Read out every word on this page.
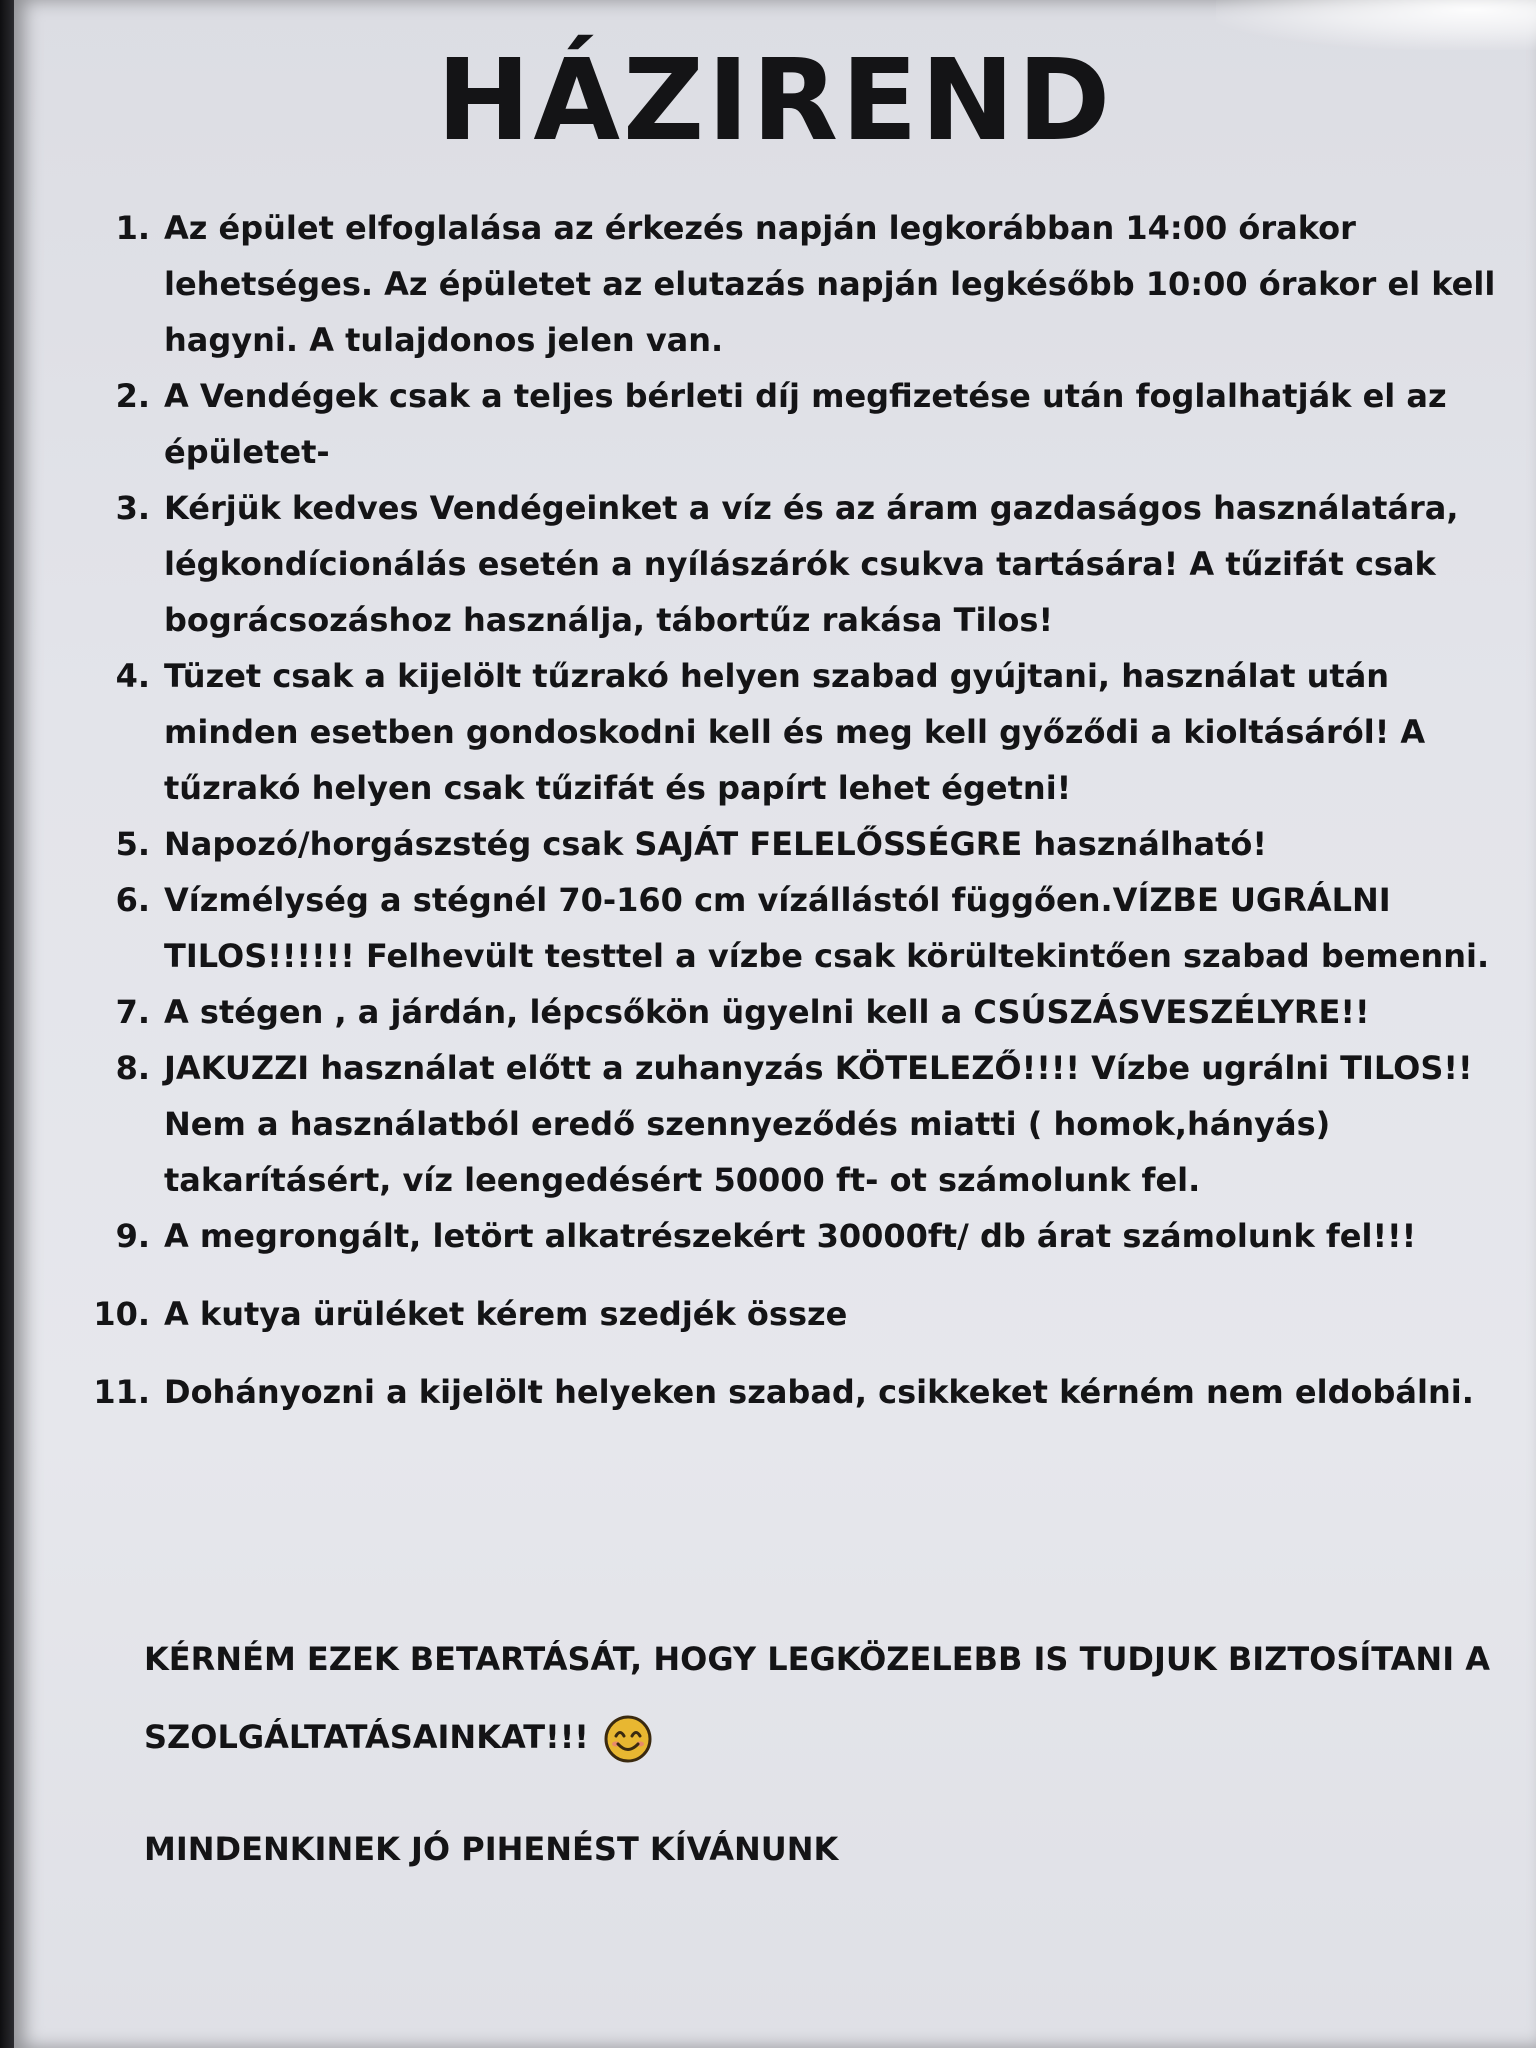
HÁZIREND
1. Az épület elfoglalása az érkezés napján legkorábban 14:00 órakor lehetséges. Az épületet az elutazás napján legkésőbb 10:00 órakor el kell hagyni. A tulajdonos jelen van.
2. A Vendégek csak a teljes bérleti díj megfizetése után foglalhatják el az épületet-
3. Kérjük kedves Vendégeinket a víz és az áram gazdaságos használatára, légkondícionálás esetén a nyílászárók csukva tartására! A tűzifát csak bográcsozáshoz használja, tábortűz rakása Tilos!
4. Tüzet csak a kijelölt tűzrakó helyen szabad gyújtani, használat után minden esetben gondoskodni kell és meg kell győződi a kioltásáról! A tűzrakó helyen csak tűzifát és papírt lehet égetni!
5. Napozó/horgászstég csak SAJÁT FELELŐSSÉGRE használható!
6. Vízmélység a stégnél 70-160 cm vízállástól függően.VÍZBE UGRÁLNI TILOS!!!!!! Felhevült testtel a vízbe csak körültekintően szabad bemenni.
7. A stégen , a járdán, lépcsőkön ügyelni kell a CSÚSZÁSVESZÉLYRE!!
8. JAKUZZI használat előtt a zuhanyzás KÖTELEZŐ!!!! Vízbe ugrálni TILOS!! Nem a használatból eredő szennyeződés miatti ( homok,hányás) takarításért, víz leengedésért 50000 ft- ot számolunk fel.
9. A megrongált, letört alkatrészekért 30000ft/ db árat számolunk fel!!!
10. A kutya ürüléket kérem szedjék össze
11. Dohányozni a kijelölt helyeken szabad, csikkeket kérném nem eldobálni.

KÉRNÉM EZEK BETARTÁSÁT, HOGY LEGKÖZELEBB IS TUDJUK BIZTOSÍTANI A SZOLGÁLTATÁSAINKAT!!!

MINDENKINEK JÓ PIHENÉST KÍVÁNUNK
